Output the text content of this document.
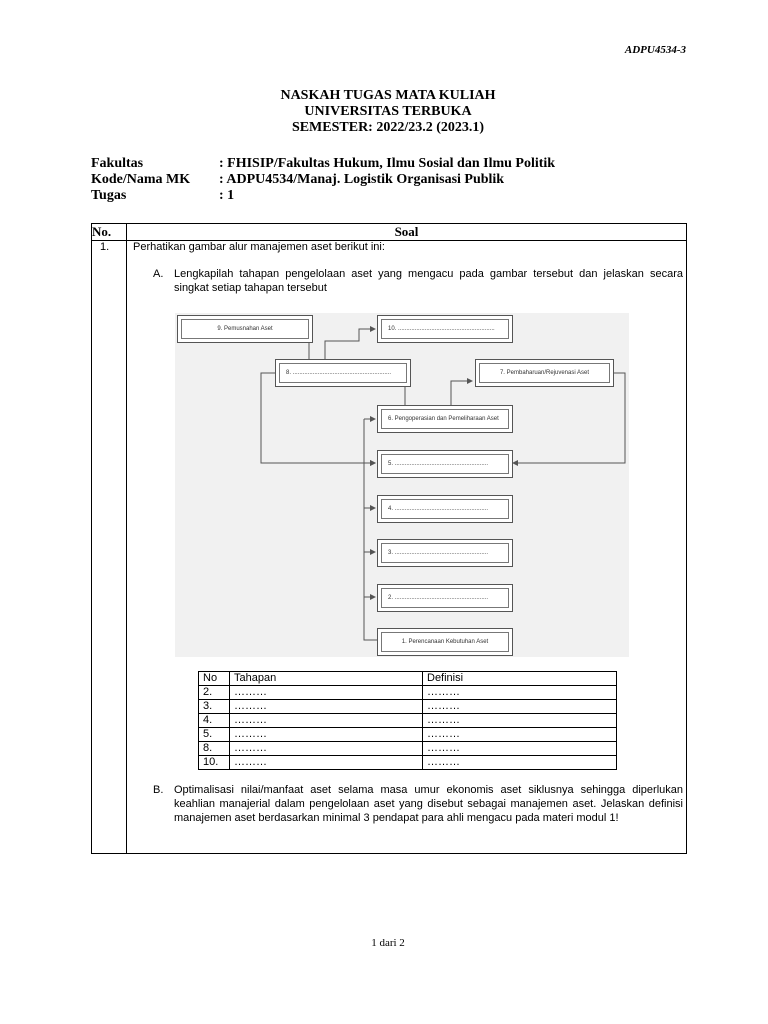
ADPU4534-3
NASKAH TUGAS MATA KULIAH
UNIVERSITAS TERBUKA
SEMESTER: 2022/23.2 (2023.1)
Fakultas	: FHISIP/Fakultas Hukum, Ilmu Sosial dan Ilmu Politik
Kode/Nama MK	: ADPU4534/Manaj. Logistik Organisasi Publik
Tugas	: 1
No.	Soal
1.	Perhatikan gambar alur manajemen aset berikut ini:
A. Lengkapilah tahapan pengelolaan aset yang mengacu pada gambar tersebut dan jelaskan secara singkat setiap tahapan tersebut
9. Pemusnahan Aset	10. ..........................................................
8. ...........................................................	7. Pembaharuan/Rejuvenasi Aset
6. Pengoperasian dan Pemeliharaan Aset
5. ........................................................
4. ........................................................
3. ........................................................
2. ........................................................
1. Perencanaan Kebutuhan Aset
No	Tahapan	Definisi
2.	………	………
3.	………	………
4.	………	………
5.	………	………
8.	………	………
10.	………	………
B. Optimalisasi nilai/manfaat aset selama masa umur ekonomis aset siklusnya sehingga diperlukan keahlian manajerial dalam pengelolaan aset yang disebut sebagai manajemen aset. Jelaskan definisi manajemen aset berdasarkan minimal 3 pendapat para ahli mengacu pada materi modul 1!
1 dari 2
